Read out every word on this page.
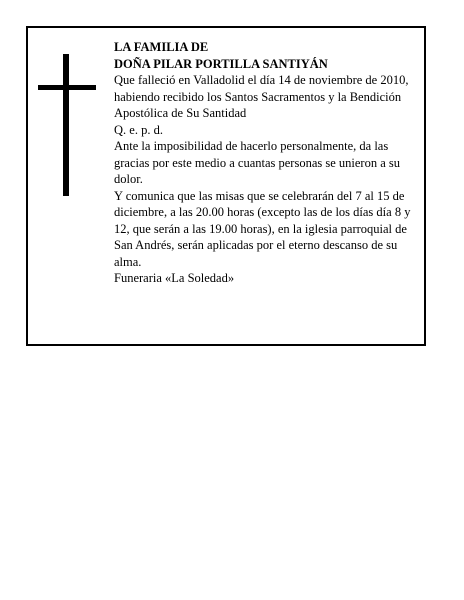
LA FAMILIA DE

DOÑA PILAR PORTILLA SANTIYÁN

Que falleció en Valladolid el día 14 de noviembre de 2010, habiendo recibido los Santos Sacramentos y la Bendición Apostólica de Su Santidad

Q. e. p. d.

Ante la imposibilidad de hacerlo personalmente, da las gracias por este medio a cuantas personas se unieron a su dolor.

Y comunica que las misas que se celebrarán del 7 al 15 de diciembre, a las 20.00 horas (excepto las de los días día 8 y 12, que serán a las 19.00 horas), en la iglesia parroquial de San Andrés, serán aplicadas por el eterno descanso de su alma.

Funeraria «La Soledad»
